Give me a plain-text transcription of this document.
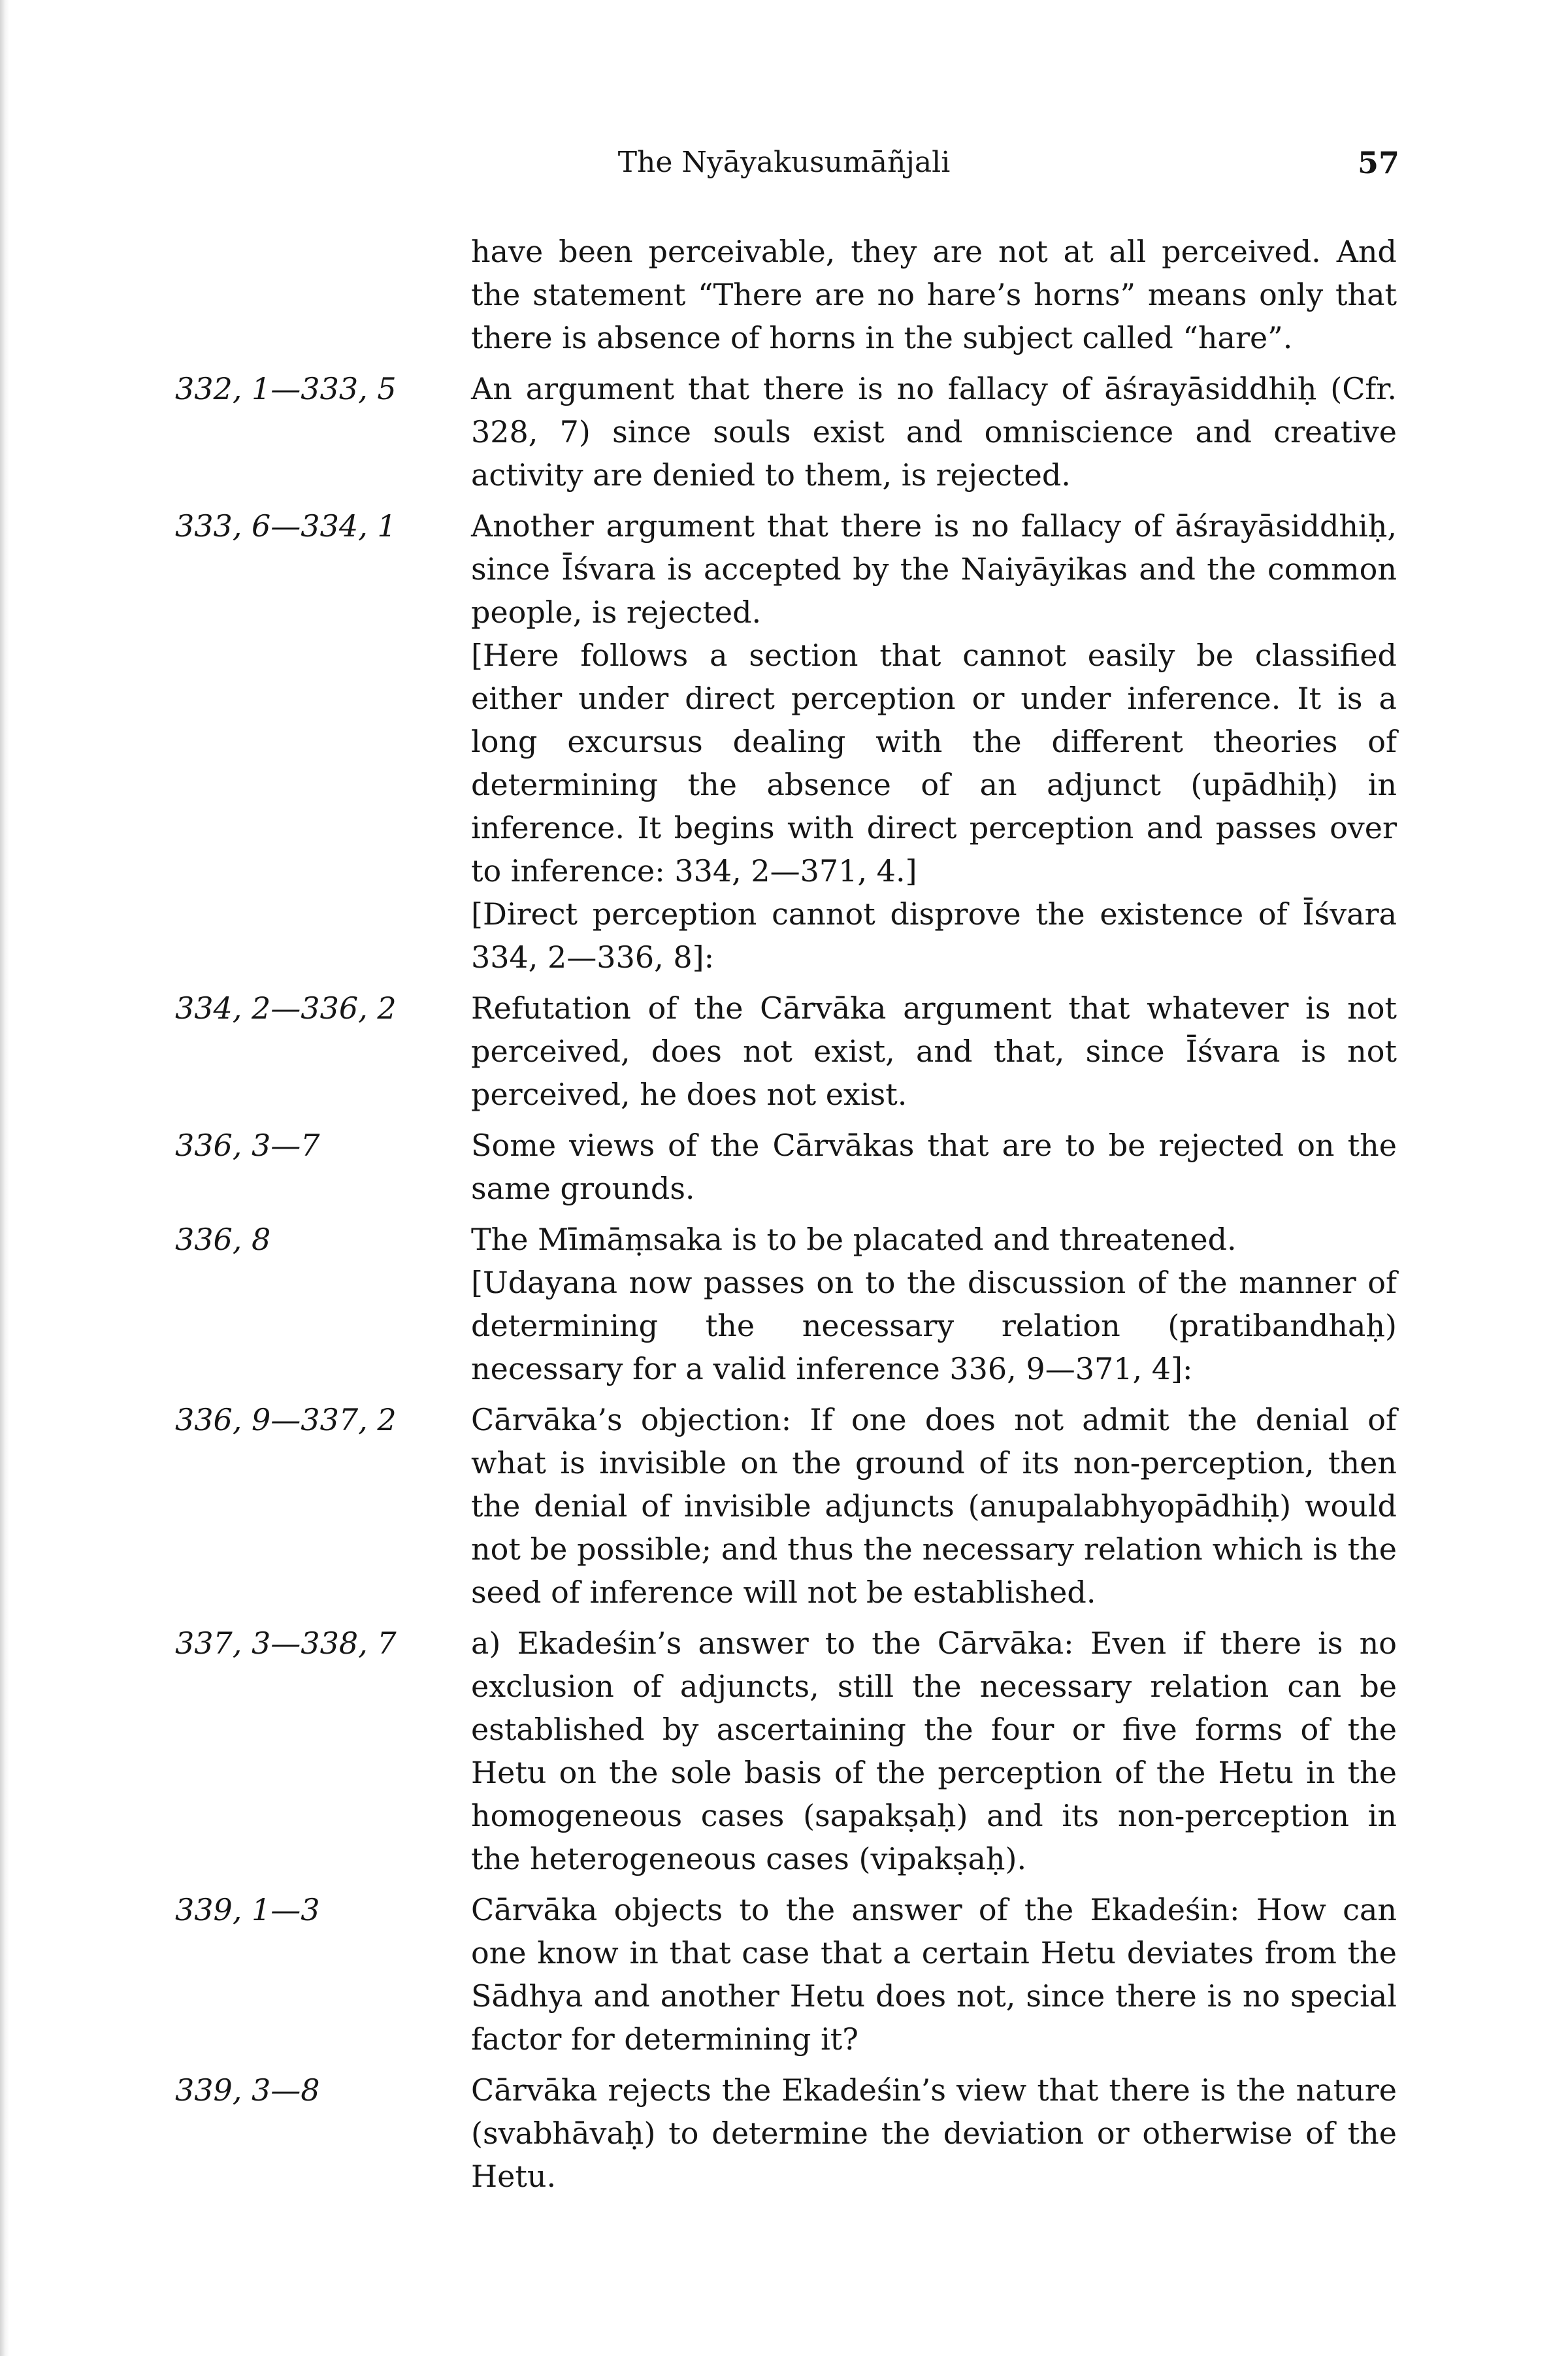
The Nyāyakusumāñjali	57
have been perceivable, they are not at all perceived. And the statement “There are no hare’s horns” means only that there is absence of horns in the subject called “hare”.
332, 1—333, 5	An argument that there is no fallacy of āśrayāsiddhiḥ (Cfr. 328, 7) since souls exist and omniscience and creative activity are denied to them, is rejected.
333, 6—334, 1	Another argument that there is no fallacy of āśrayāsiddhiḥ, since Īśvara is accepted by the Naiyāyikas and the common people, is rejected.
[Here follows a section that cannot easily be classified either under direct perception or under inference. It is a long excursus dealing with the different theories of determining the absence of an adjunct (upādhiḥ) in inference. It begins with direct perception and passes over to inference: 334, 2—371, 4.]
[Direct perception cannot disprove the existence of Īśvara 334, 2—336, 8]:
334, 2—336, 2	Refutation of the Cārvāka argument that whatever is not perceived, does not exist, and that, since Īśvara is not perceived, he does not exist.
336, 3—7	Some views of the Cārvākas that are to be rejected on the same grounds.
336, 8	The Mīmāṃsaka is to be placated and threatened.
[Udayana now passes on to the discussion of the manner of determining the necessary relation (pratibandhaḥ) necessary for a valid inference 336, 9—371, 4]:
336, 9—337, 2	Cārvāka’s objection: If one does not admit the denial of what is invisible on the ground of its non-perception, then the denial of invisible adjuncts (anupalabhyopādhiḥ) would not be possible; and thus the necessary relation which is the seed of inference will not be established.
337, 3—338, 7	a) Ekadeśin’s answer to the Cārvāka: Even if there is no exclusion of adjuncts, still the necessary relation can be established by ascertaining the four or five forms of the Hetu on the sole basis of the perception of the Hetu in the homogeneous cases (sapakṣaḥ) and its non-perception in the heterogeneous cases (vipakṣaḥ).
339, 1—3	Cārvāka objects to the answer of the Ekadeśin: How can one know in that case that a certain Hetu deviates from the Sādhya and another Hetu does not, since there is no special factor for determining it?
339, 3—8	Cārvāka rejects the Ekadeśin’s view that there is the nature (svabhāvaḥ) to determine the deviation or otherwise of the Hetu.
